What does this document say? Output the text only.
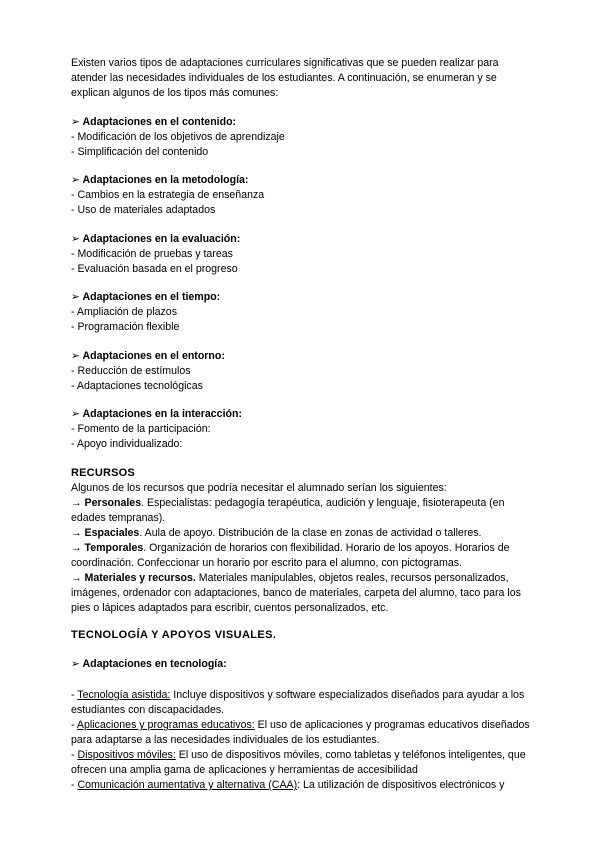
Existen varios tipos de adaptaciones curriculares significativas que se pueden realizar para atender las necesidades individuales de los estudiantes. A continuación, se enumeran y se explican algunos de los tipos más comunes:

➢ Adaptaciones en el contenido:
- Modificación de los objetivos de aprendizaje
- Simplificación del contenido
➢ Adaptaciones en la metodología:
- Cambios en la estrategia de enseñanza
- Uso de materiales adaptados
➢ Adaptaciones en la evaluación:
- Modificación de pruebas y tareas
- Evaluación basada en el progreso
➢ Adaptaciones en el tiempo:
- Ampliación de plazos
- Programación flexible
➢ Adaptaciones en el entorno:
- Reducción de estímulos
- Adaptaciones tecnológicas
➢ Adaptaciones en la interacción:
- Fomento de la participación:
- Apoyo individualizado:
RECURSOS
Algunos de los recursos que podría necesitar el alumnado serían los siguientes:
→ Personales. Especialistas: pedagogía terapéutica, audición y lenguaje, fisioterapeuta (en edades tempranas).
→ Espaciales. Aula de apoyo. Distribución de la clase en zonas de actividad o talleres.
→ Temporales. Organización de horarios con flexibilidad. Horario de los apoyos. Horarios de coordinación. Confeccionar un horario por escrito para el alumno, con pictogramas.
→ Materiales y recursos. Materiales manipulables, objetos reales, recursos personalizados, imágenes, ordenador con adaptaciones, banco de materiales, carpeta del alumno, taco para los pies o lápices adaptados para escribir, cuentos personalizados, etc.
TECNOLOGÍA Y APOYOS VISUALES.
➢ Adaptaciones en tecnología:
- Tecnología asistida: Incluye dispositivos y software especializados diseñados para ayudar a los estudiantes con discapacidades.
- Aplicaciones y programas educativos: El uso de aplicaciones y programas educativos diseñados para adaptarse a las necesidades individuales de los estudiantes.
- Dispositivos móviles: El uso de dispositivos móviles, como tabletas y teléfonos inteligentes, que ofrecen una amplia gama de aplicaciones y herramientas de accesibilidad
- Comunicación aumentativa y alternativa (CAA): La utilización de dispositivos electrónicos y
